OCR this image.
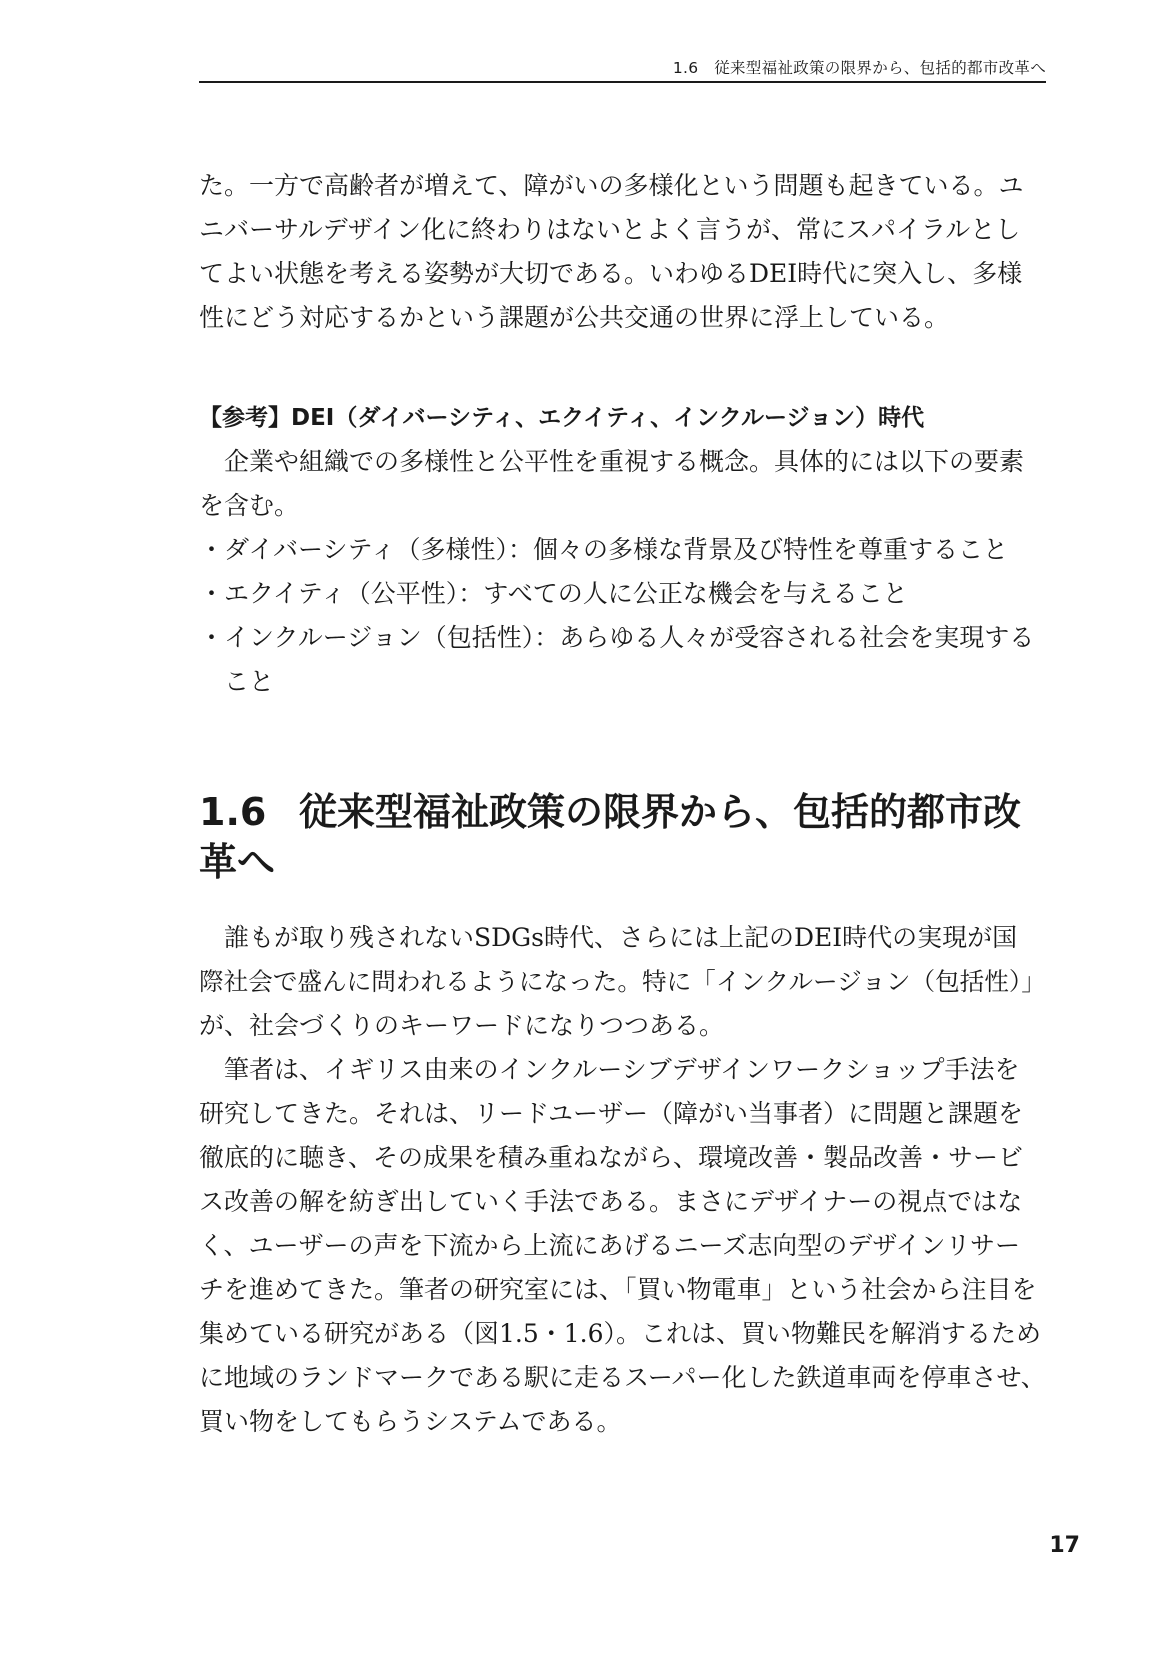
1.6　従来型福祉政策の限界から、包括的都市改革へ
た。一方で高齢者が増えて、障がいの多様化という問題も起きている。ユ
ニバーサルデザイン化に終わりはないとよく言うが、常にスパイラルとし
てよい状態を考える姿勢が大切である。いわゆるDEI時代に突入し、多様
性にどう対応するかという課題が公共交通の世界に浮上している。
【参考】DEI（ダイバーシティ、エクイティ、インクルージョン）時代
　企業や組織での多様性と公平性を重視する概念。具体的には以下の要素
を含む。
・ダイバーシティ（多様性）：個々の多様な背景及び特性を尊重すること
・エクイティ（公平性）：すべての人に公正な機会を与えること
・インクルージョン（包括性）：あらゆる人々が受容される社会を実現する
　こと
1.6 従来型福祉政策の限界から、包括的都市改
革へ
　誰もが取り残されないSDGs時代、さらには上記のDEI時代の実現が国
際社会で盛んに問われるようになった。特に「インクルージョン（包括性）」
が、社会づくりのキーワードになりつつある。
　筆者は、イギリス由来のインクルーシブデザインワークショップ手法を
研究してきた。それは、リードユーザー（障がい当事者）に問題と課題を
徹底的に聴き、その成果を積み重ねながら、環境改善・製品改善・サービ
ス改善の解を紡ぎ出していく手法である。まさにデザイナーの視点ではな
く、ユーザーの声を下流から上流にあげるニーズ志向型のデザインリサー
チを進めてきた。筆者の研究室には、「買い物電車」という社会から注目を
集めている研究がある（図1.5・1.6）。これは、買い物難民を解消するため
に地域のランドマークである駅に走るスーパー化した鉄道車両を停車させ、
買い物をしてもらうシステムである。
17
